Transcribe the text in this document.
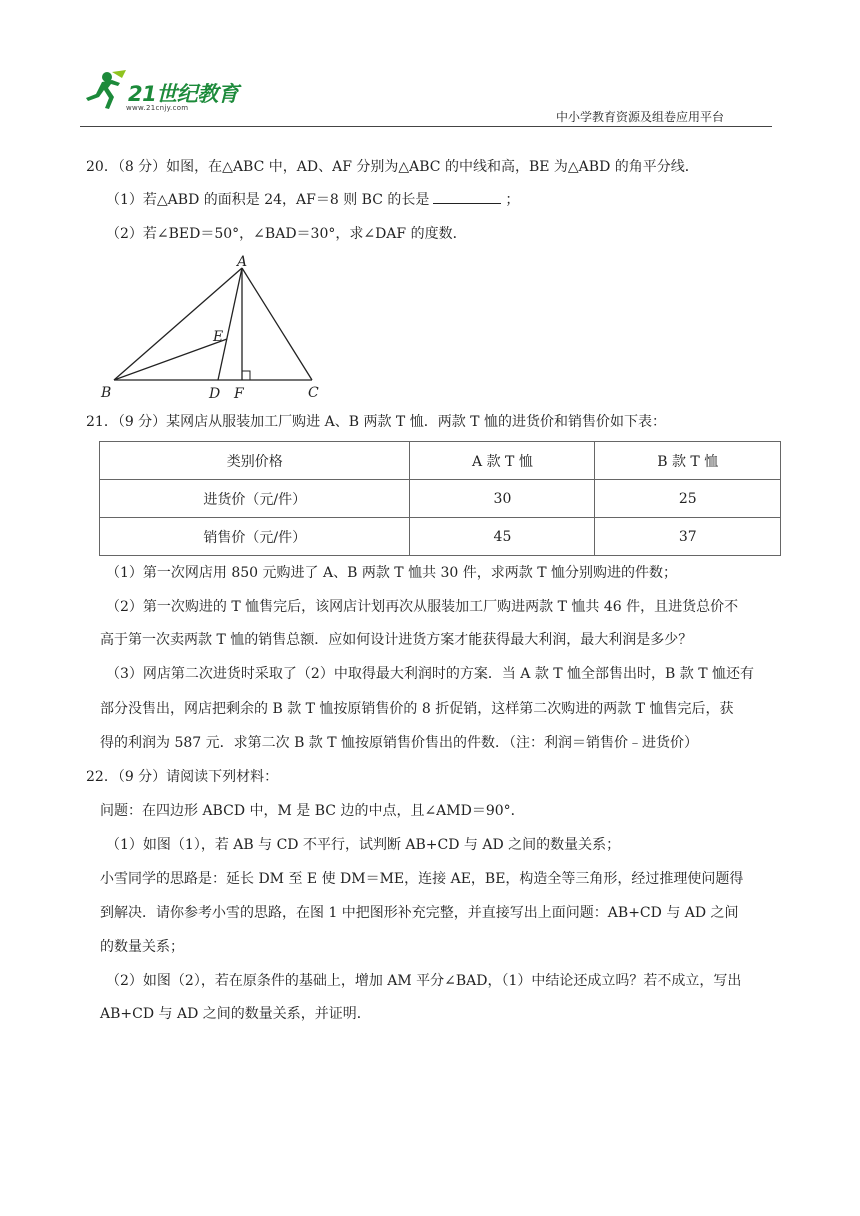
21世纪教育
www.21cnjy.com
中小学教育资源及组卷应用平台
20．（8 分）如图，在△ABC 中，AD、AF 分别为△ABC 的中线和高，BE 为△ABD 的角平分线．
（1）若△ABD 的面积是 24，AF＝8 则 BC 的长是	；
（2）若∠BED＝50°，∠BAD＝30°，求∠DAF 的度数．
A
B	C
D
E
F
21．（9 分）某网店从服装加工厂购进 A、B 两款 T 恤．两款 T 恤的进货价和销售价如下表：
类别价格	A 款 T 恤	B 款 T 恤
进货价（元/件）	30	25
销售价（元/件）	45	37
（1）第一次网店用 850 元购进了 A、B 两款 T 恤共 30 件，求两款 T 恤分别购进的件数；
（2）第一次购进的 T 恤售完后，该网店计划再次从服装加工厂购进两款 T 恤共 46 件，且进货总价不
高于第一次卖两款 T 恤的销售总额．应如何设计进货方案才能获得最大利润，最大利润是多少？
（3）网店第二次进货时采取了（2）中取得最大利润时的方案．当 A 款 T 恤全部售出时，B 款 T 恤还有
部分没售出，网店把剩余的 B 款 T 恤按原销售价的 8 折促销，这样第二次购进的两款 T 恤售完后，获
得的利润为 587 元．求第二次 B 款 T 恤按原销售价售出的件数．（注：利润＝销售价﹣进货价）
22．（9 分）请阅读下列材料：
问题：在四边形 ABCD 中，M 是 BC 边的中点，且∠AMD＝90°．
（1）如图（1），若 AB 与 CD 不平行，试判断 AB+CD 与 AD 之间的数量关系；
小雪同学的思路是：延长 DM 至 E 使 DM＝ME，连接 AE，BE，构造全等三角形，经过推理使问题得
到解决．请你参考小雪的思路，在图 1 中把图形补充完整，并直接写出上面问题：AB+CD 与 AD 之间
的数量关系；
（2）如图（2），若在原条件的基础上，增加 AM 平分∠BAD，（1）中结论还成立吗？若不成立，写出
AB+CD 与 AD 之间的数量关系，并证明．
